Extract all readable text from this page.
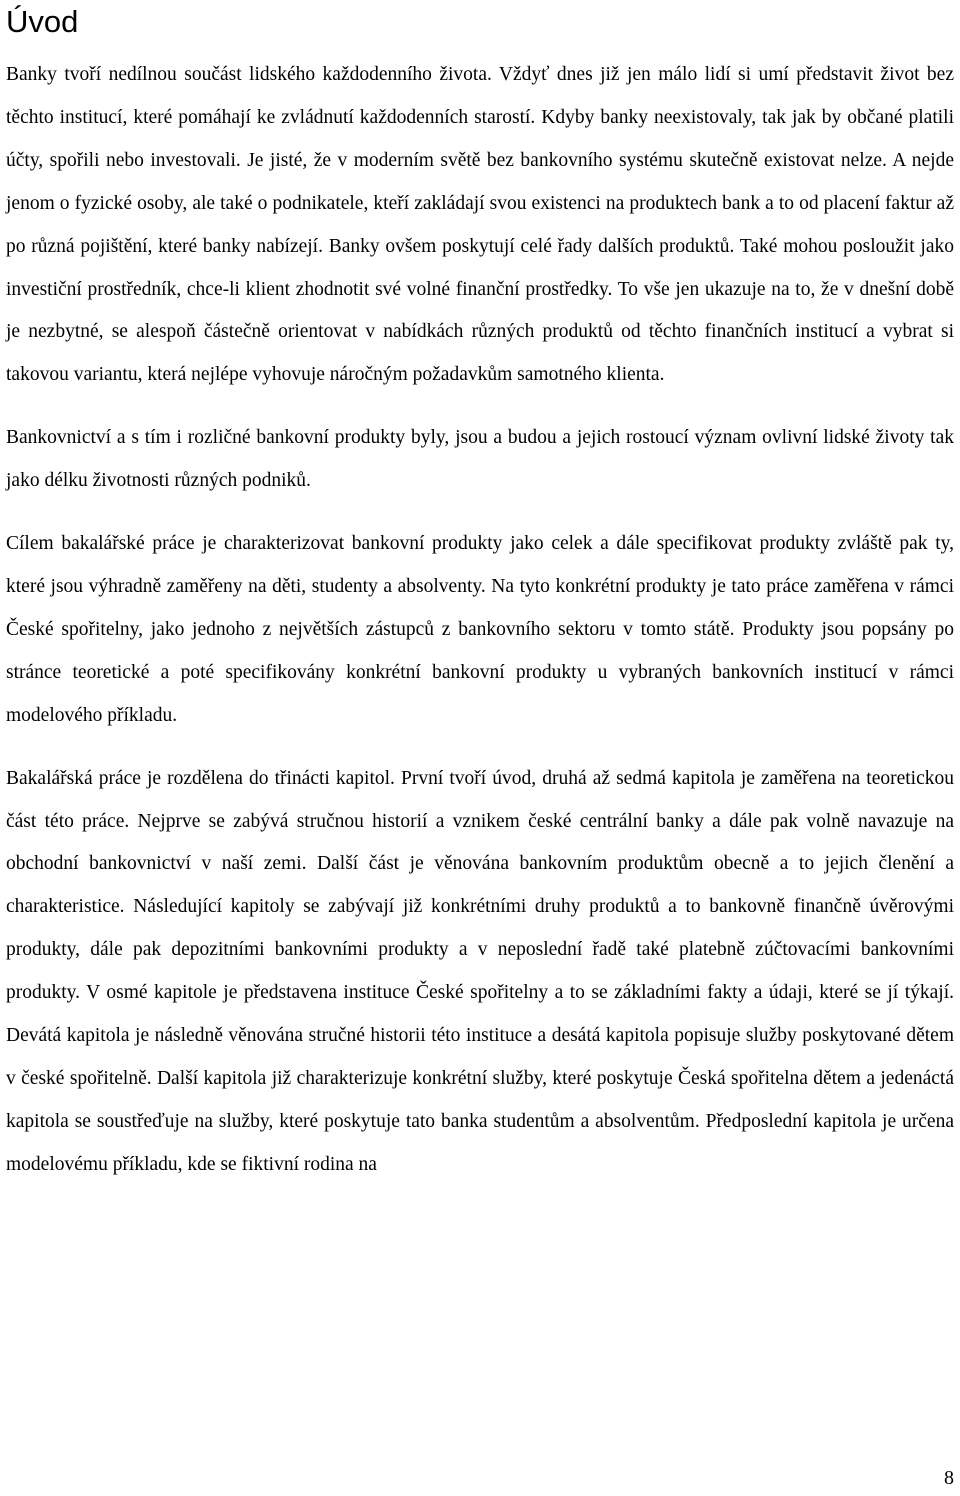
Úvod

Banky tvoří nedílnou součást lidského každodenního života. Vždyť dnes již jen málo lidí si umí představit život bez těchto institucí, které pomáhají ke zvládnutí každodenních starostí. Kdyby banky neexistovaly, tak jak by občané platili účty, spořili nebo investovali. Je jisté, že v moderním světě bez bankovního systému skutečně existovat nelze. A nejde jenom o fyzické osoby, ale také o podnikatele, kteří zakládají svou existenci na produktech bank a to od placení faktur až po různá pojištění, které banky nabízejí. Banky ovšem poskytují celé řady dalších produktů. Také mohou posloužit jako investiční prostředník, chce-li klient zhodnotit své volné finanční prostředky. To vše jen ukazuje na to, že v dnešní době je nezbytné, se alespoň částečně orientovat v nabídkách různých produktů od těchto finančních institucí a vybrat si takovou variantu, která nejlépe vyhovuje náročným požadavkům samotného klienta.

Bankovnictví a s tím i rozličné bankovní produkty byly, jsou a budou a jejich rostoucí význam ovlivní lidské životy tak jako délku životnosti různých podniků.

Cílem bakalářské práce je charakterizovat bankovní produkty jako celek a dále specifikovat produkty zvláště pak ty, které jsou výhradně zaměřeny na děti, studenty a absolventy. Na tyto konkrétní produkty je tato práce zaměřena v rámci České spořitelny, jako jednoho z největších zástupců z bankovního sektoru v tomto státě. Produkty jsou popsány po stránce teoretické a poté specifikovány konkrétní bankovní produkty u vybraných bankovních institucí v rámci modelového příkladu.

Bakalářská práce je rozdělena do třinácti kapitol. První tvoří úvod, druhá až sedmá kapitola je zaměřena na teoretickou část této práce. Nejprve se zabývá stručnou historií a vznikem české centrální banky a dále pak volně navazuje na obchodní bankovnictví v naší zemi. Další část je věnována bankovním produktům obecně a to jejich členění a charakteristice. Následující kapitoly se zabývají již konkrétními druhy produktů a to bankovně finančně úvěrovými produkty, dále pak depozitními bankovními produkty a v neposlední řadě také platebně zúčtovacími bankovními produkty. V osmé kapitole je představena instituce České spořitelny a to se základními fakty a údaji, které se jí týkají. Devátá kapitola je následně věnována stručné historii této instituce a desátá kapitola popisuje služby poskytované dětem v české spořitelně. Další kapitola již charakterizuje konkrétní služby, které poskytuje Česká spořitelna dětem a jedenáctá kapitola se soustřeďuje na služby, které poskytuje tato banka studentům a absolventům. Předposlední kapitola je určena modelovému příkladu, kde se fiktivní rodina na

8
